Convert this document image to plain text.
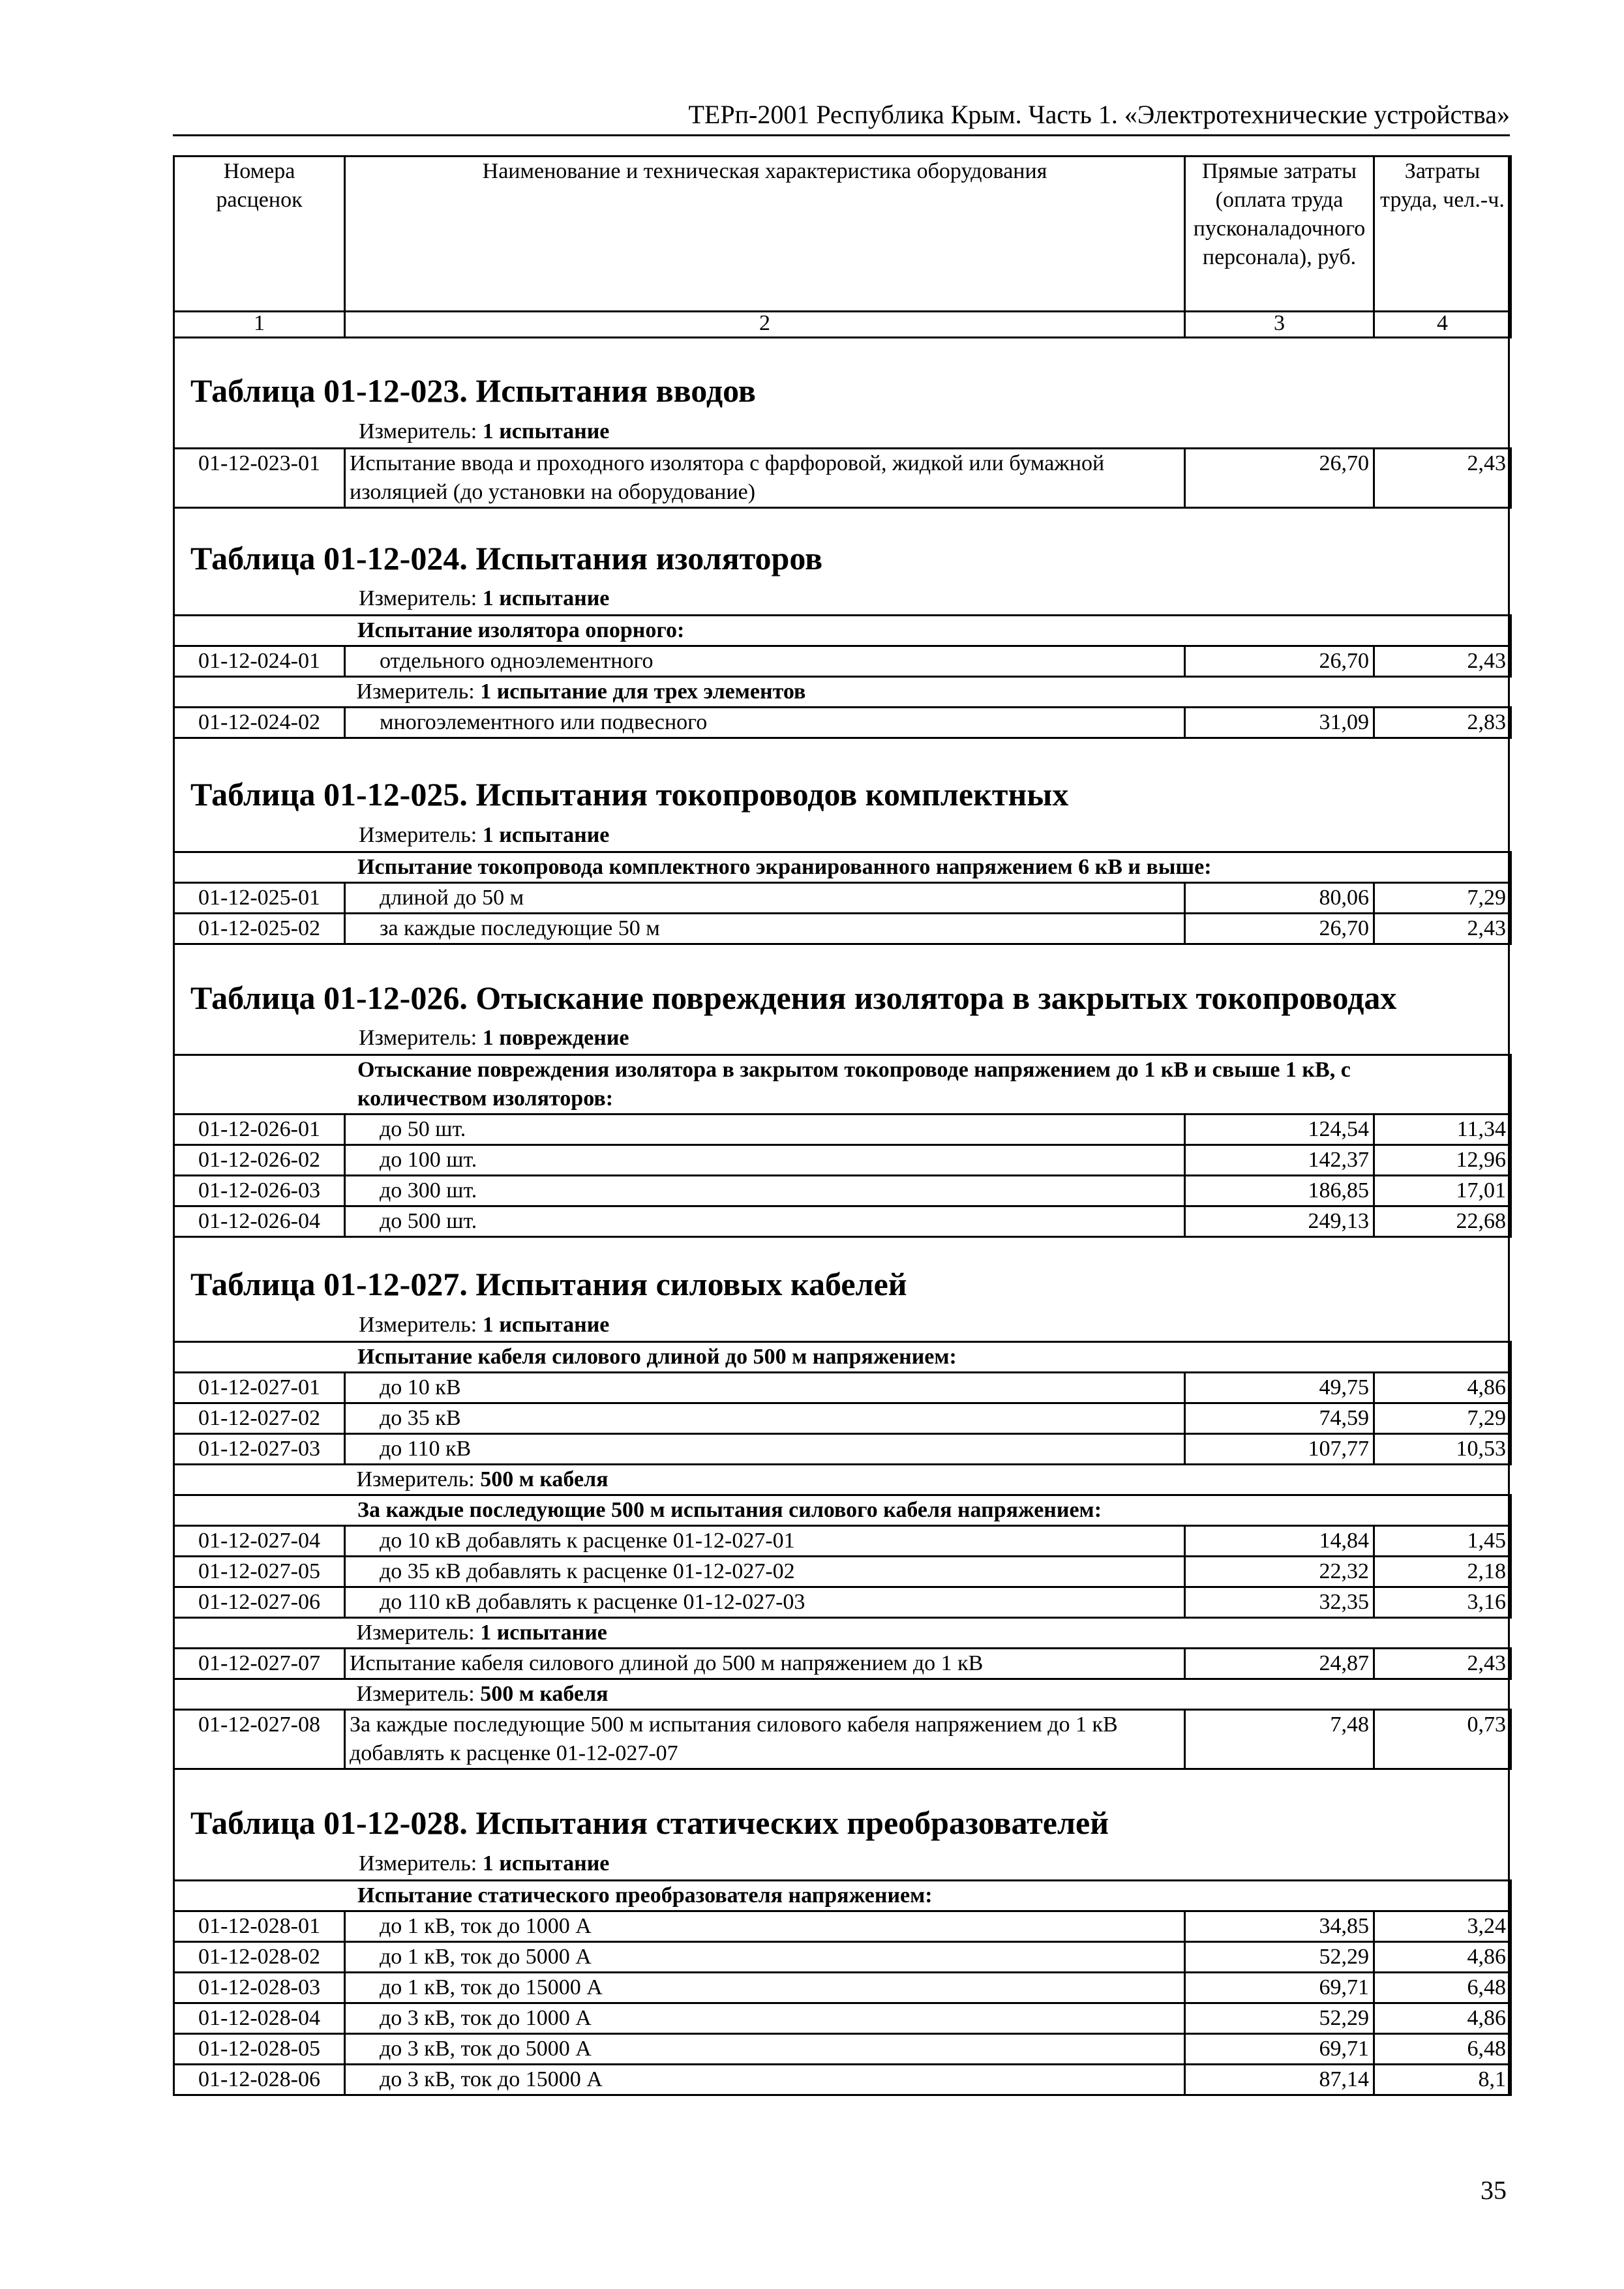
ТЕРп-2001 Республика Крым. Часть 1. «Электротехнические устройства»
Номера расценок	Наименование и техническая характеристика оборудования	Прямые затраты (оплата труда пусконаладочного персонала), руб.	Затраты труда, чел.-ч.
1	2	3	4
Таблица 01-12-023. Испытания вводов
Измеритель: 1 испытание
01-12-023-01	Испытание ввода и проходного изолятора с фарфоровой, жидкой или бумажной изоляцией (до установки на оборудование)	26,70	2,43
Таблица 01-12-024. Испытания изоляторов
Измеритель: 1 испытание
Испытание изолятора опорного:			
01-12-024-01	отдельного одноэлементного	26,70	2,43
Измеритель: 1 испытание для трех элементов			
01-12-024-02	многоэлементного или подвесного	31,09	2,83
Таблица 01-12-025. Испытания токопроводов комплектных
Измеритель: 1 испытание
Испытание токопровода комплектного экранированного напряжением 6 кВ и выше:			
01-12-025-01	длиной до 50 м	80,06	7,29
01-12-025-02	за каждые последующие 50 м	26,70	2,43
Таблица 01-12-026. Отыскание повреждения изолятора в закрытых токопроводах
Измеритель: 1 повреждение
Отыскание повреждения изолятора в закрытом токопроводе напряжением до 1 кВ и свыше 1 кВ, с количеством изоляторов:			
01-12-026-01	до 50 шт.	124,54	11,34
01-12-026-02	до 100 шт.	142,37	12,96
01-12-026-03	до 300 шт.	186,85	17,01
01-12-026-04	до 500 шт.	249,13	22,68
Таблица 01-12-027. Испытания силовых кабелей
Измеритель: 1 испытание
Испытание кабеля силового длиной до 500 м напряжением:			
01-12-027-01	до 10 кВ	49,75	4,86
01-12-027-02	до 35 кВ	74,59	7,29
01-12-027-03	до 110 кВ	107,77	10,53
Измеритель: 500 м кабеля			
За каждые последующие 500 м испытания силового кабеля напряжением:			
01-12-027-04	до 10 кВ добавлять к расценке 01-12-027-01	14,84	1,45
01-12-027-05	до 35 кВ добавлять к расценке 01-12-027-02	22,32	2,18
01-12-027-06	до 110 кВ добавлять к расценке 01-12-027-03	32,35	3,16
Измеритель: 1 испытание			
01-12-027-07	Испытание кабеля силового длиной до 500 м напряжением до 1 кВ	24,87	2,43
Измеритель: 500 м кабеля			
01-12-027-08	За каждые последующие 500 м испытания силового кабеля напряжением до 1 кВ добавлять к расценке 01-12-027-07	7,48	0,73
Таблица 01-12-028. Испытания статических преобразователей
Измеритель: 1 испытание
Испытание статического преобразователя напряжением:			
01-12-028-01	до 1 кВ, ток до 1000 А	34,85	3,24
01-12-028-02	до 1 кВ, ток до 5000 А	52,29	4,86
01-12-028-03	до 1 кВ, ток до 15000 А	69,71	6,48
01-12-028-04	до 3 кВ, ток до 1000 А	52,29	4,86
01-12-028-05	до 3 кВ, ток до 5000 А	69,71	6,48
01-12-028-06	до 3 кВ, ток до 15000 А	87,14	8,1
35
